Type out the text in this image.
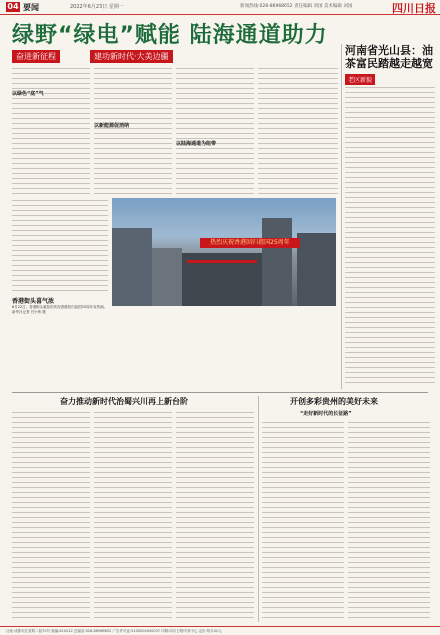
04 要闻	2022年6月23日 星期一	新闻热线:028-86968652 责任编辑 刘国 美术编辑 刘国	四川日报
绿野“绿电”赋能 陆海通道助力
奋进新征程	建功新时代·大美边疆
以绿色“底”气
以新能源促消纳
以陆海通道为纽带
河南省光山县：油茶富民踏越走越宽
老区新貌
热烈庆祝香港回归祖国25周年
香港街头喜气浓
6月22日，香港街头悬挂的庆祝香港回归祖国25周年宣传画。新华社记者 吕小炜 摄
奋力推动新时代治蜀兴川再上新台阶	开创多彩贵州的美好未来
“走好新时代的长征路”
社址:成都市红星路二段70号 邮编:610012 总编室:028-86968652 广告许可证:5100004000037 印刷:四川日报印务中心 定价:每月42元
